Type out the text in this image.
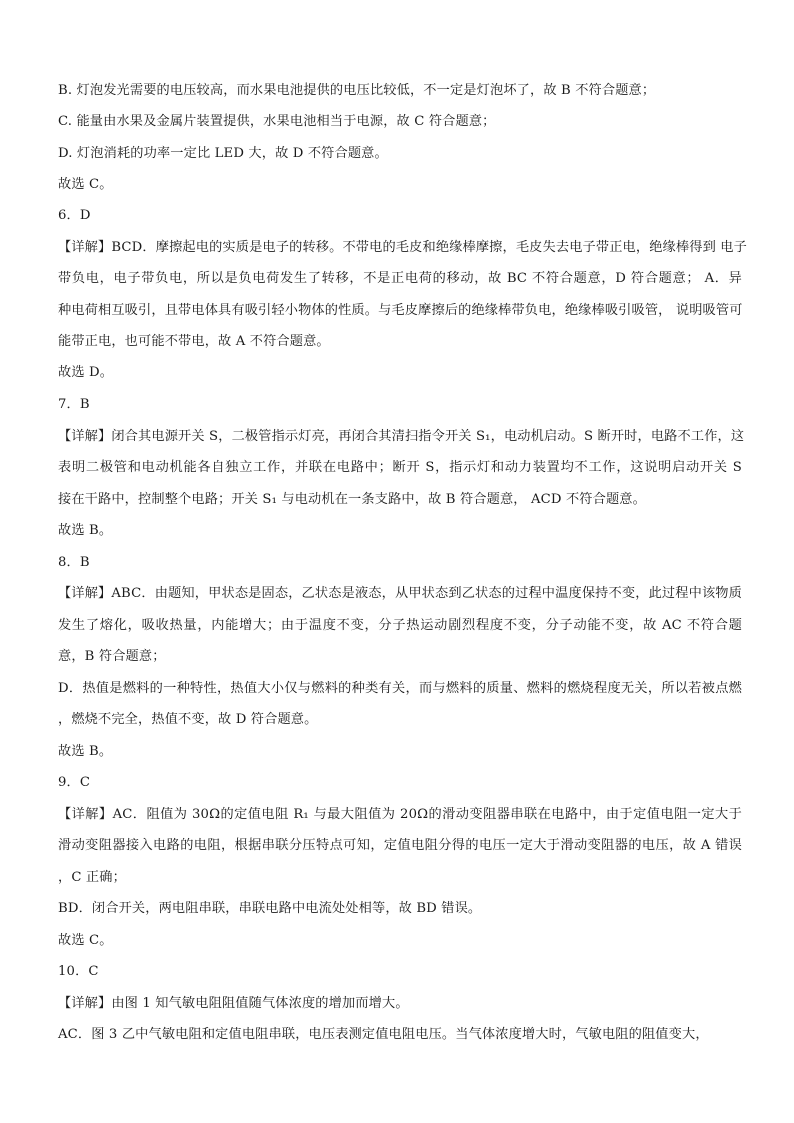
B. 灯泡发光需要的电压较高，而水果电池提供的电压比较低，不一定是灯泡坏了，故 B 不符合题意；
C. 能量由水果及金属片装置提供，水果电池相当于电源，故 C 符合题意；
D. 灯泡消耗的功率一定比 LED 大，故 D 不符合题意。
故选 C。
6．D
【详解】BCD．摩擦起电的实质是电子的转移。不带电的毛皮和绝缘棒摩擦，毛皮失去电子带正电，绝缘棒得到 电子
带负电，电子带负电，所以是负电荷发生了转移，不是正电荷的移动，故 BC 不符合题意，D 符合题意； A．异
种电荷相互吸引，且带电体具有吸引轻小物体的性质。与毛皮摩擦后的绝缘棒带负电，绝缘棒吸引吸管， 说明吸管可
能带正电，也可能不带电，故 A 不符合题意。
故选 D。
7．B
【详解】闭合其电源开关 S，二极管指示灯亮，再闭合其清扫指令开关 S₁，电动机启动。S 断开时，电路不工作，这
表明二极管和电动机能各自独立工作，并联在电路中；断开 S，指示灯和动力装置均不工作，这说明启动开关 S
接在干路中，控制整个电路；开关 S₁ 与电动机在一条支路中，故 B 符合题意， ACD 不符合题意。
故选 B。
8．B
【详解】ABC．由题知，甲状态是固态，乙状态是液态，从甲状态到乙状态的过程中温度保持不变，此过程中该物质
发生了熔化，吸收热量，内能增大；由于温度不变，分子热运动剧烈程度不变，分子动能不变，故 AC 不符合题
意，B 符合题意；
D．热值是燃料的一种特性，热值大小仅与燃料的种类有关，而与燃料的质量、燃料的燃烧程度无关，所以若被点燃
，燃烧不完全，热值不变，故 D 符合题意。
故选 B。
9．C
【详解】AC．阻值为 30Ω的定值电阻 R₁ 与最大阻值为 20Ω的滑动变阻器串联在电路中，由于定值电阻一定大于
滑动变阻器接入电路的电阻，根据串联分压特点可知，定值电阻分得的电压一定大于滑动变阻器的电压，故 A 错误
，C 正确；
BD．闭合开关，两电阻串联，串联电路中电流处处相等，故 BD 错误。
故选 C。
10．C
【详解】由图 1 知气敏电阻阻值随气体浓度的增加而增大。
AC．图 3 乙中气敏电阻和定值电阻串联，电压表测定值电阻电压。当气体浓度增大时，气敏电阻的阻值变大，
